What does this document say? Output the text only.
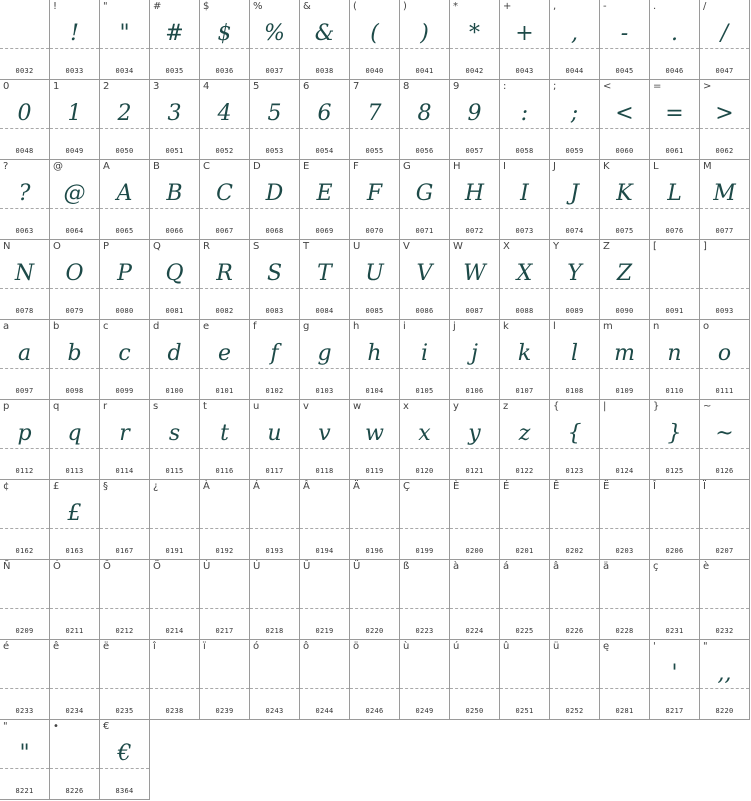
0032
!
!
0033
"
"
0034
#
#
0035
$
$
0036
%
%
0037
&
&
0038
(
(
0040
)
)
0041
*
*
0042
+
+
0043
,
,
0044
-
-
0045
.
.
0046
/
/
0047
0
0
0048
1
1
0049
2
2
0050
3
3
0051
4
4
0052
5
5
0053
6
6
0054
7
7
0055
8
8
0056
9
9
0057
:
:
0058
;
;
0059
<
<
0060
=
=
0061
>
>
0062
?
?
0063
@
@
0064
A
A
0065
B
B
0066
C
C
0067
D
D
0068
E
E
0069
F
F
0070
G
G
0071
H
H
0072
I
I
0073
J
J
0074
K
K
0075
L
L
0076
M
M
0077
N
N
0078
O
O
0079
P
P
0080
Q
Q
0081
R
R
0082
S
S
0083
T
T
0084
U
U
0085
V
V
0086
W
W
0087
X
X
0088
Y
Y
0089
Z
Z
0090
[
0091
]
0093
a
a
0097
b
b
0098
c
c
0099
d
d
0100
e
e
0101
f
f
0102
g
g
0103
h
h
0104
i
i
0105
j
j
0106
k
k
0107
l
l
0108
m
m
0109
n
n
0110
o
o
0111
p
p
0112
q
q
0113
r
r
0114
s
s
0115
t
t
0116
u
u
0117
v
v
0118
w
w
0119
x
x
0120
y
y
0121
z
z
0122
{
{
0123
|
0124
}
}
0125
~
~
0126
¢
0162
£
£
0163
§
0167
¿
0191
À
0192
Á
0193
Â
0194
Ä
0196
Ç
0199
È
0200
É
0201
Ê
0202
Ë
0203
Î
0206
Ï
0207
Ñ
0209
Ó
0211
Ô
0212
Ö
0214
Ù
0217
Ú
0218
Û
0219
Ü
0220
ß
0223
à
0224
á
0225
â
0226
ä
0228
ç
0231
è
0232
é
0233
ê
0234
ë
0235
î
0238
ï
0239
ó
0243
ô
0244
ö
0246
ù
0249
ú
0250
û
0251
ü
0252
ę
0281
'
'
8217
"
,,
8220
"
"
8221
•
8226
€
€
8364
